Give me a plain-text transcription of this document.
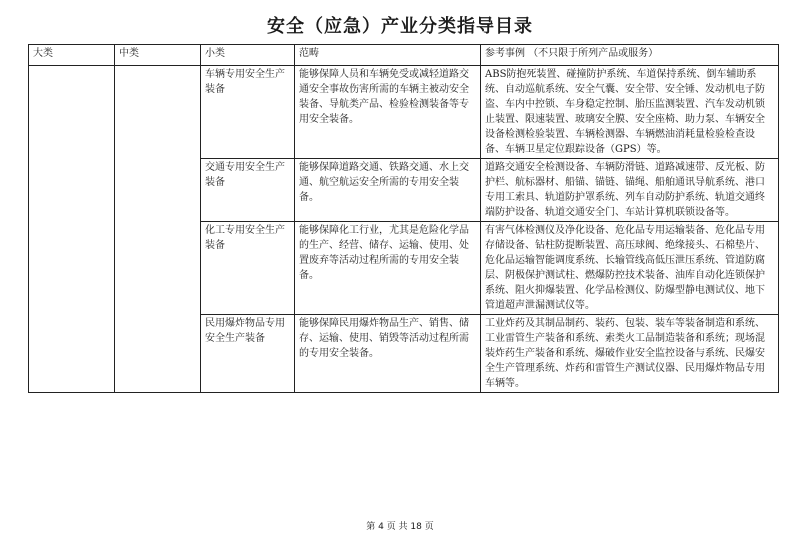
安全（应急）产业分类指导目录
大类	中类	小类	范畴	参考事例 （不只限于所列产品或服务）
		车辆专用安全生产装备	能够保障人员和车辆免受或减轻道路交通安全事故伤害所需的车辆主被动安全装备、导航类产品、检验检测装备等专用安全装备。	ABS防抱死装置、碰撞防护系统、车道保持系统、倒车辅助系统、自动巡航系统、安全气囊、安全带、安全锤、发动机电子防盗、车内中控锁、车身稳定控制、胎压监测装置、汽车发动机锁止装置、限速装置、玻璃安全膜、安全座椅、助力泵、车辆安全设备检测检验装置、车辆检测器、车辆燃油消耗量检验检查设备、车辆卫星定位跟踪设备（GPS）等。
		交通专用安全生产装备	能够保障道路交通、铁路交通、水上交通、航空航运安全所需的专用安全装备。	道路交通安全检测设备、车辆防滑链、道路减速带、反光板、防护栏、航标器材、船锚、锚链、锚绳、船舶通讯导航系统、港口专用工索具、轨道防护罩系统、列车自动防护系统、轨道交通终端防护设备、轨道交通安全门、车站计算机联锁设备等。
		化工专用安全生产装备	能够保障化工行业，尤其是危险化学品的生产、经营、储存、运输、使用、处置废弃等活动过程所需的专用安全装备。	有害气体检测仪及净化设备、危化品专用运输装备、危化品专用存储设备、钻柱防提断装置、高压球阀、绝缘接头、石棉垫片、危化品运输智能调度系统、长输管线高低压泄压系统、管道防腐层、阴极保护测试柱、燃爆防控技术装备、油库自动化连锁保护系统、阻火抑爆装置、化学品检测仪、防爆型静电测试仪、地下管道超声泄漏测试仪等。
		民用爆炸物品专用安全生产装备	能够保障民用爆炸物品生产、销售、储存、运输、使用、销毁等活动过程所需的专用安全装备。	工业炸药及其制品制药、装药、包装、装车等装备制造和系统、工业雷管生产装备和系统、索类火工品制造装备和系统；现场混装炸药生产装备和系统、爆破作业安全监控设备与系统、民爆安全生产管理系统、炸药和雷管生产测试仪器、民用爆炸物品专用车辆等。
第 4 页 共 18 页
